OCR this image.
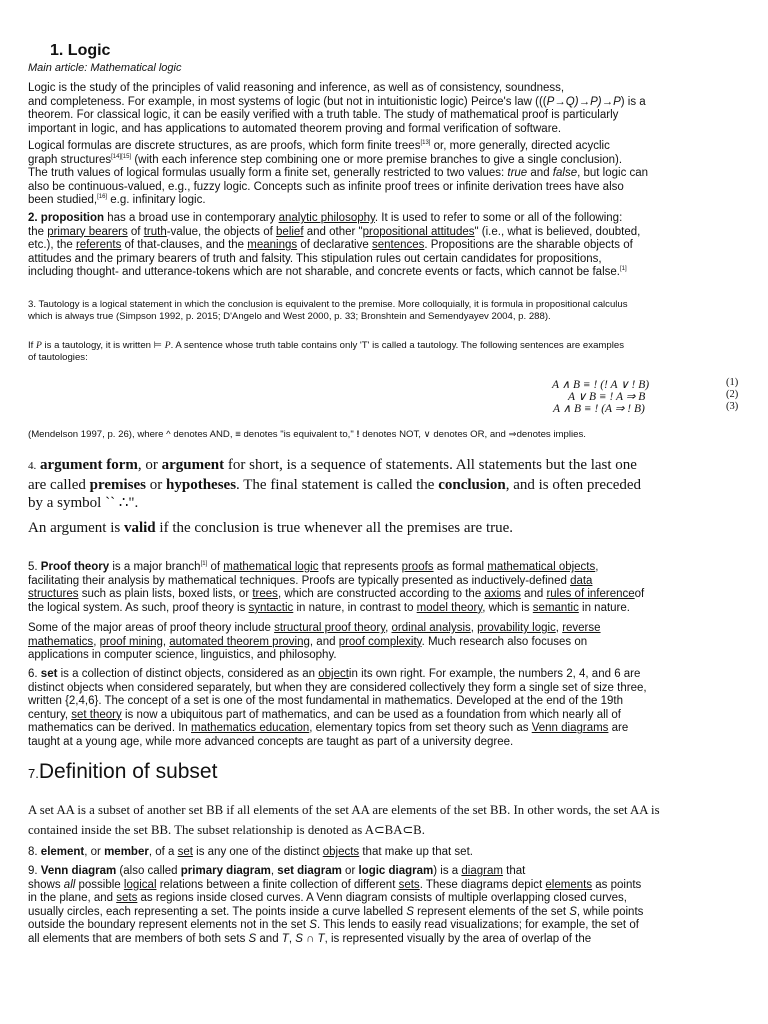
1. Logic

Main article: Mathematical logic

Logic is the study of the principles of valid reasoning and inference, as well as of consistency, soundness,

and completeness. For example, in most systems of logic (but not in intuitionistic logic) Peirce's law (((P→Q)→P)→P) is a

theorem. For classical logic, it can be easily verified with a truth table. The study of mathematical proof is particularly

important in logic, and has applications to automated theorem proving and formal verification of software.

Logical formulas are discrete structures, as are proofs, which form finite trees[13] or, more generally, directed acyclic

graph structures[14][15] (with each inference step combining one or more premise branches to give a single conclusion).

The truth values of logical formulas usually form a finite set, generally restricted to two values: true and false, but logic can

also be continuous-valued, e.g., fuzzy logic. Concepts such as infinite proof trees or infinite derivation trees have also

been studied,[16] e.g. infinitary logic.

2. proposition has a broad use in contemporary analytic philosophy. It is used to refer to some or all of the following:

the primary bearers of truth-value, the objects of belief and other "propositional attitudes" (i.e., what is believed, doubted,

etc.), the referents of that-clauses, and the meanings of declarative sentences. Propositions are the sharable objects of

attitudes and the primary bearers of truth and falsity. This stipulation rules out certain candidates for propositions,

including thought- and utterance-tokens which are not sharable, and concrete events or facts, which cannot be false.[1]

3. Tautology is a logical statement in which the conclusion is equivalent to the premise. More colloquially, it is formula in propositional calculus

which is always true (Simpson 1992, p. 2015; D'Angelo and West 2000, p. 33; Bronshtein and Semendyayev 2004, p. 288).

If P is a tautology, it is written ⊨ P. A sentence whose truth table contains only 'T' is called a tautology. The following sentences are examples

of tautologies:

A ∧ B ≡ ! (! A ∨ ! B)	(1)
A ∨ B ≡ ! A ⇒ B	(2)
A ∧ B ≡ ! (A ⇒ ! B)	(3)

(Mendelson 1997, p. 26), where ^ denotes AND, ≡ denotes "is equivalent to," ! denotes NOT, ∨ denotes OR, and ⇒denotes implies.

4. argument form, or argument for short, is a sequence of statements. All statements but the last one

are called premises or hypotheses. The final statement is called the conclusion, and is often preceded

by a symbol `` ∴".

An argument is valid if the conclusion is true whenever all the premises are true.

5. Proof theory is a major branch[1] of mathematical logic that represents proofs as formal mathematical objects,

facilitating their analysis by mathematical techniques. Proofs are typically presented as inductively-defined data

structures such as plain lists, boxed lists, or trees, which are constructed according to the axioms and rules of inferenceof

the logical system. As such, proof theory is syntactic in nature, in contrast to model theory, which is semantic in nature.

Some of the major areas of proof theory include structural proof theory, ordinal analysis, provability logic, reverse

mathematics, proof mining, automated theorem proving, and proof complexity. Much research also focuses on

applications in computer science, linguistics, and philosophy.

6. set is a collection of distinct objects, considered as an objectin its own right. For example, the numbers 2, 4, and 6 are

distinct objects when considered separately, but when they are considered collectively they form a single set of size three,

written {2,4,6}. The concept of a set is one of the most fundamental in mathematics. Developed at the end of the 19th

century, set theory is now a ubiquitous part of mathematics, and can be used as a foundation from which nearly all of

mathematics can be derived. In mathematics education, elementary topics from set theory such as Venn diagrams are

taught at a young age, while more advanced concepts are taught as part of a university degree.

7.Definition of subset

A set AA is a subset of another set BB if all elements of the set AA are elements of the set BB. In other words, the set AA is

contained inside the set BB. The subset relationship is denoted as A⊂BA⊂B.

8. element, or member, of a set is any one of the distinct objects that make up that set.

9. Venn diagram (also called primary diagram, set diagram or logic diagram) is a diagram that

shows all possible logical relations between a finite collection of different sets. These diagrams depict elements as points

in the plane, and sets as regions inside closed curves. A Venn diagram consists of multiple overlapping closed curves,

usually circles, each representing a set. The points inside a curve labelled S represent elements of the set S, while points

outside the boundary represent elements not in the set S. This lends to easily read visualizations; for example, the set of

all elements that are members of both sets S and T, S ∩ T, is represented visually by the area of overlap of the
